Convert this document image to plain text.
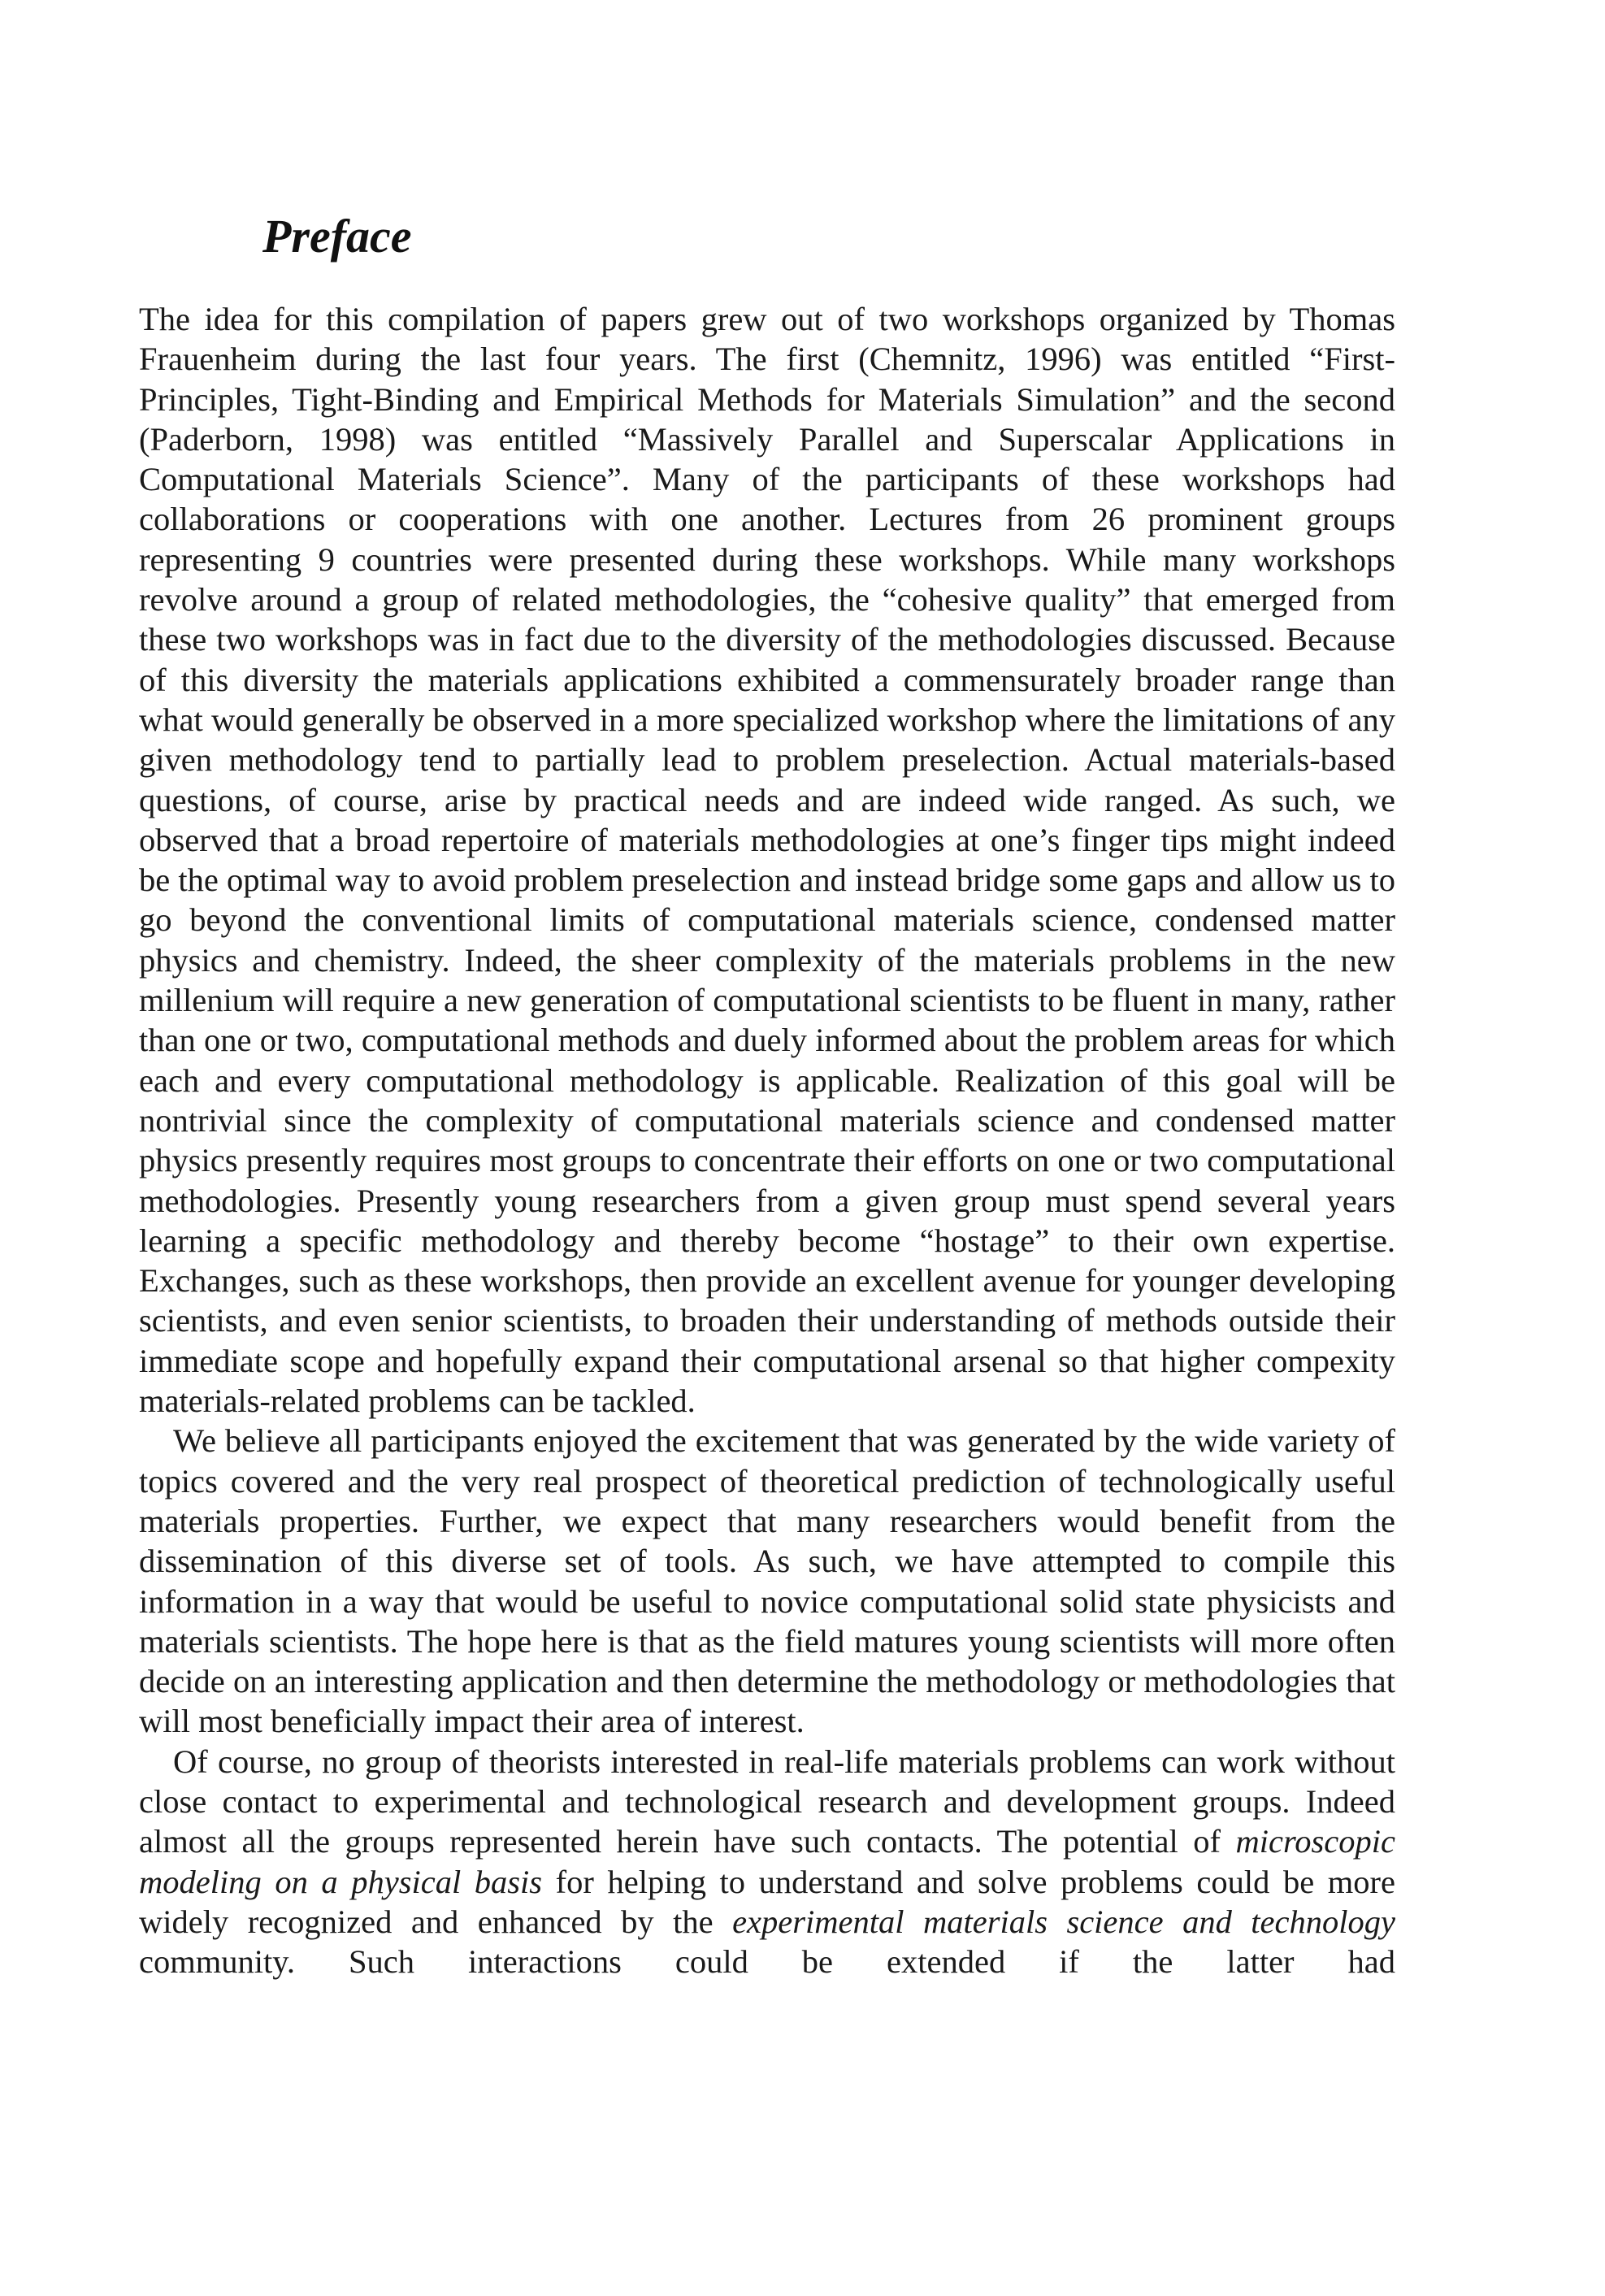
Preface

The idea for this compilation of papers grew out of two workshops organized by Thomas Frauenheim during the last four years. The first (Chemnitz, 1996) was entitled “First-Principles, Tight-Binding and Empirical Methods for Materials Simulation” and the second (Paderborn, 1998) was entitled “Massively Parallel and Superscalar Applications in Computational Materials Science”. Many of the participants of these workshops had collaborations or cooperations with one another. Lectures from 26 prominent groups representing 9 countries were presented during these workshops. While many workshops revolve around a group of related methodologies, the “cohesive quality” that emerged from these two workshops was in fact due to the diversity of the methodologies discussed. Because of this diversity the materials applications exhibited a commensurately broader range than what would generally be observed in a more specialized workshop where the limitations of any given methodology tend to partially lead to problem preselection. Actual materials-based questions, of course, arise by practical needs and are indeed wide ranged. As such, we observed that a broad repertoire of materials methodologies at one’s finger tips might indeed be the optimal way to avoid problem preselection and instead bridge some gaps and allow us to go beyond the conventional limits of computational materials science, condensed matter physics and chemistry. Indeed, the sheer complexity of the materials problems in the new millenium will require a new generation of computational scientists to be fluent in many, rather than one or two, computational methods and duely informed about the problem areas for which each and every computational methodology is applicable. Realization of this goal will be nontrivial since the complexity of computational materials science and condensed matter physics presently requires most groups to concentrate their efforts on one or two computational methodologies. Presently young researchers from a given group must spend several years learning a specific methodology and thereby become “hostage” to their own expertise. Exchanges, such as these workshops, then provide an excellent avenue for younger developing scientists, and even senior scientists, to broaden their understanding of methods outside their immediate scope and hopefully expand their computational arsenal so that higher compexity materials-related problems can be tackled.

We believe all participants enjoyed the excitement that was generated by the wide variety of topics covered and the very real prospect of theoretical prediction of technologically useful materials properties. Further, we expect that many researchers would benefit from the dissemination of this diverse set of tools. As such, we have attempted to compile this information in a way that would be useful to novice computational solid state physicists and materials scientists. The hope here is that as the field matures young scientists will more often decide on an interesting application and then determine the methodology or methodologies that will most beneficially impact their area of interest.

Of course, no group of theorists interested in real-life materials problems can work without close contact to experimental and technological research and development groups. Indeed almost all the groups represented herein have such contacts. The potential of microscopic modeling on a physical basis for helping to understand and solve problems could be more widely recognized and enhanced by the experimental materials science and technology community. Such interactions could be extended if the latter had
